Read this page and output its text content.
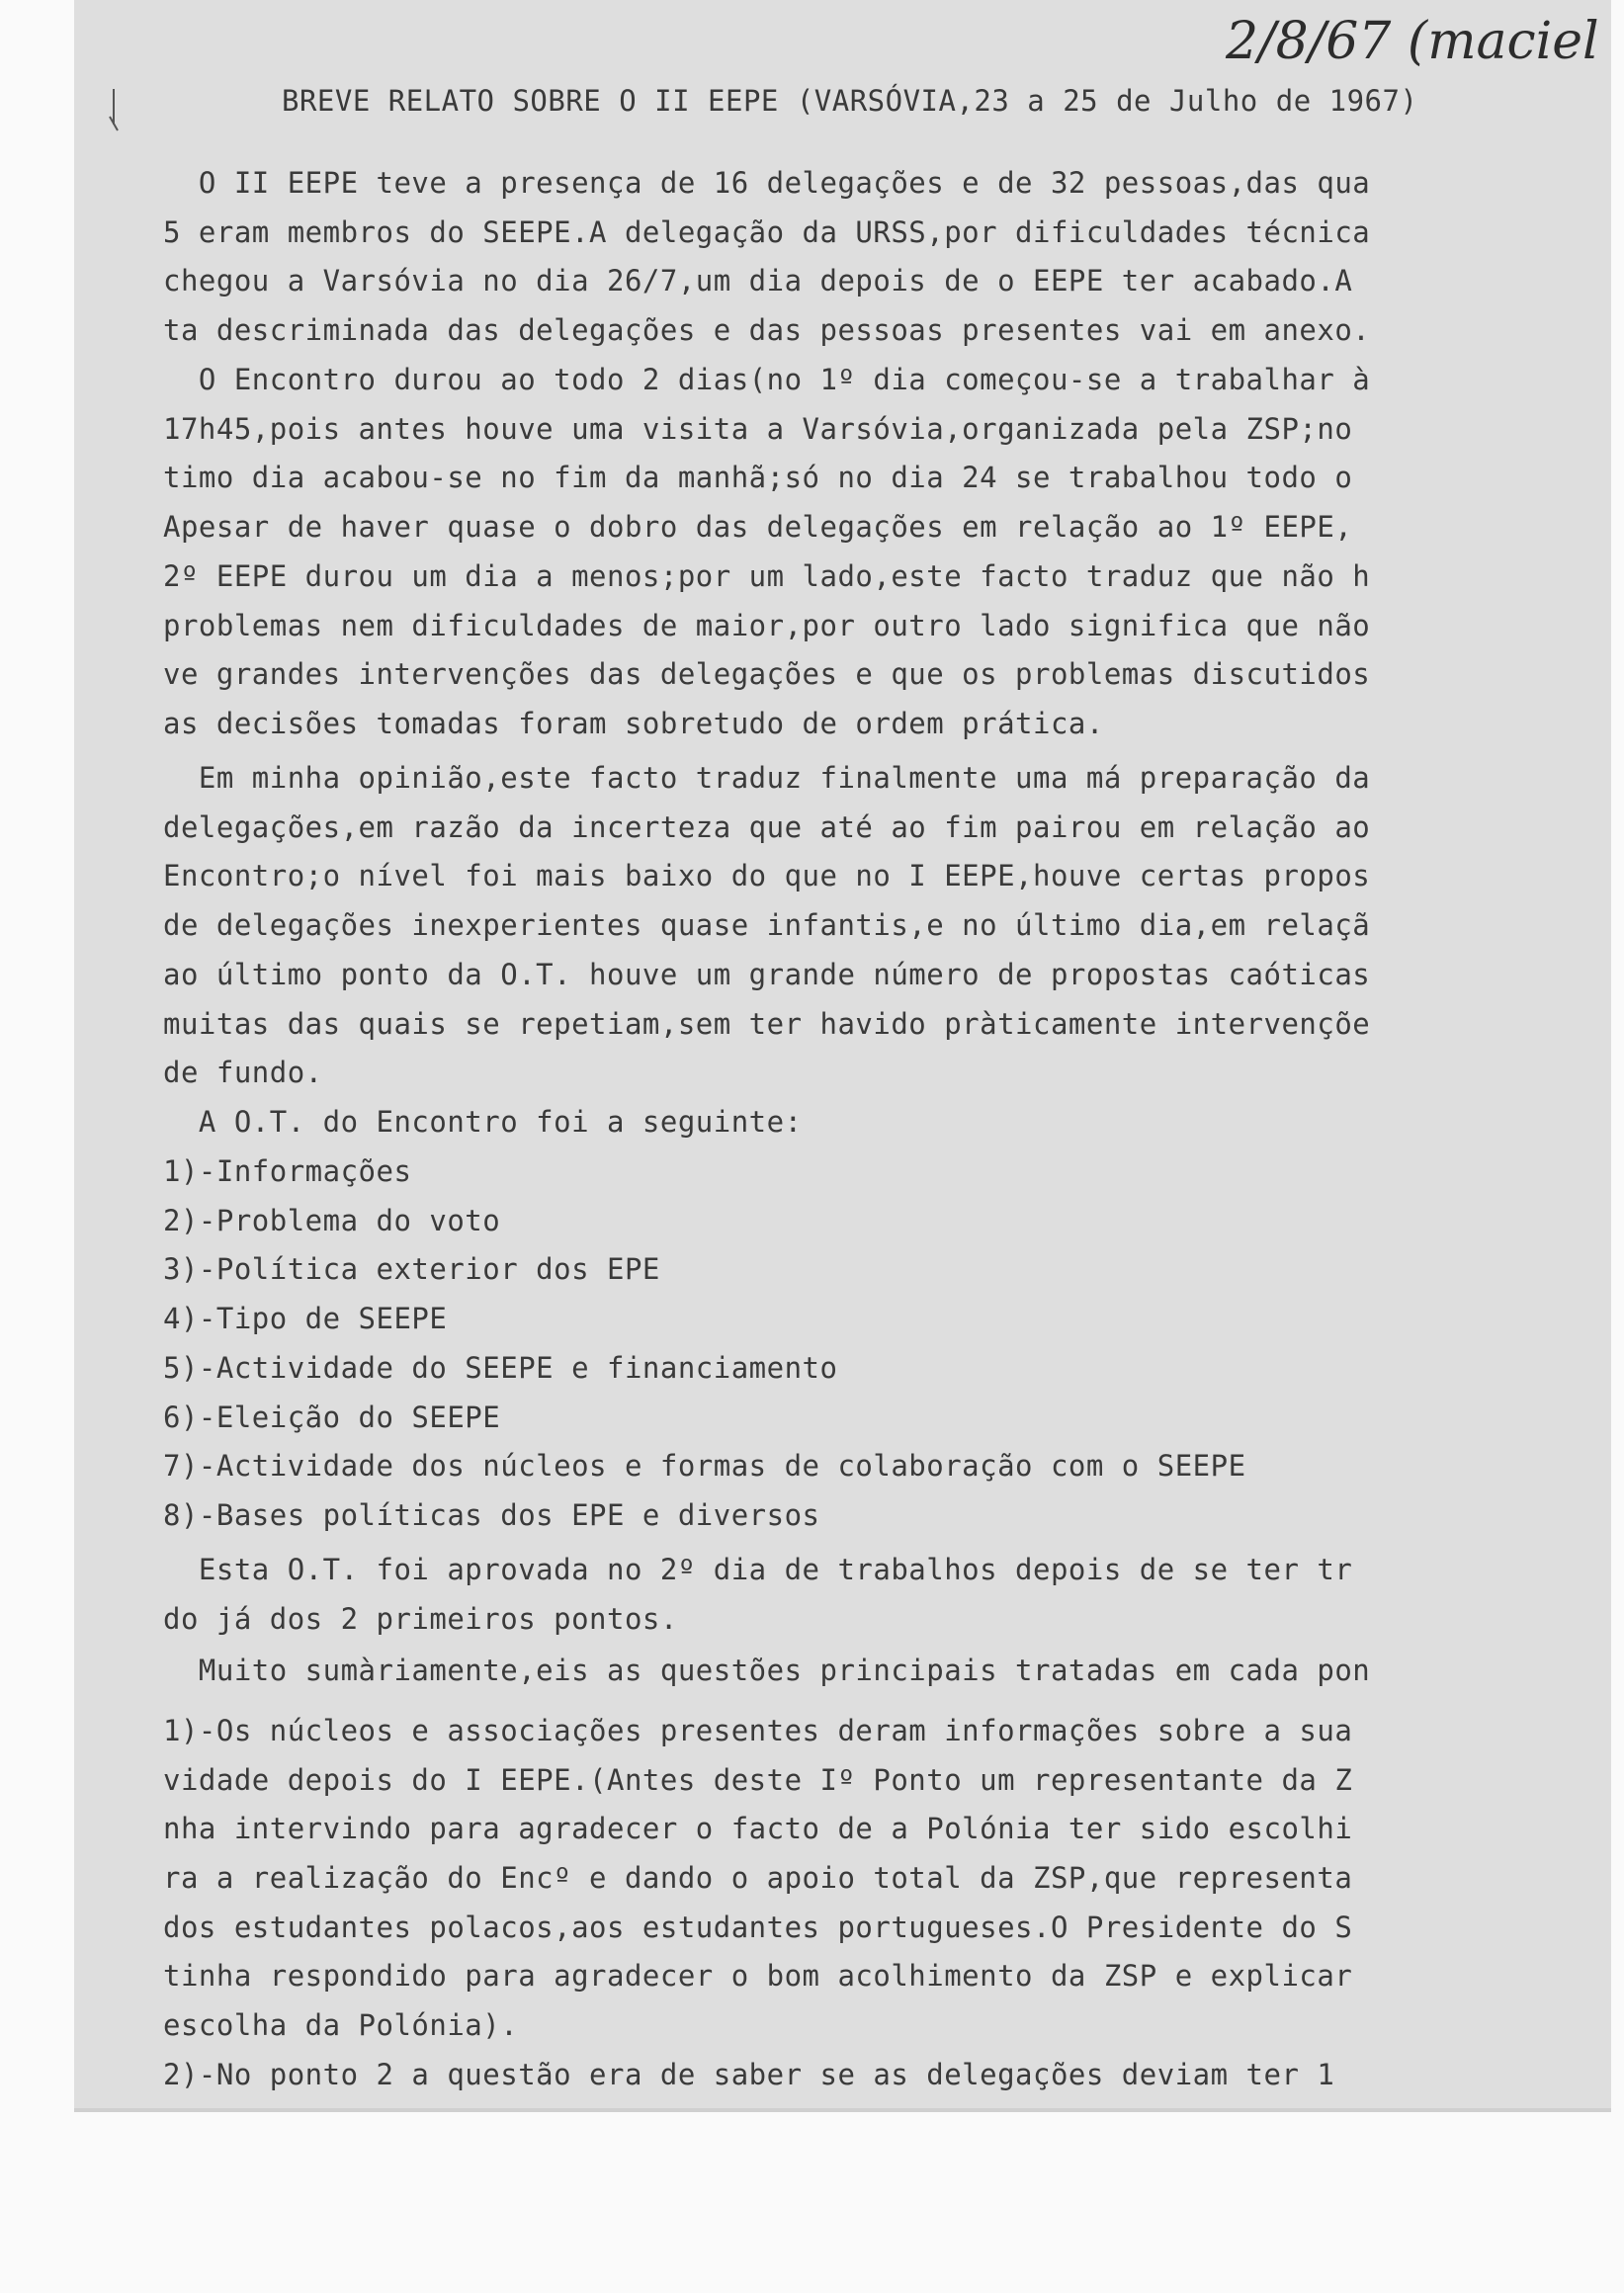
2/8/67 (maciel

BREVE RELATO SOBRE O II EEPE (VARSÓVIA,23 a 25 de Julho de 1967)

O II EEPE teve a presença de 16 delegações e de 32 pessoas,das qua

5 eram membros do SEEPE.A delegação da URSS,por dificuldades técnica

chegou a Varsóvia no dia 26/7,um dia depois de o EEPE ter acabado.A

ta descriminada das delegações e das pessoas presentes vai em anexo.

O Encontro durou ao todo 2 dias(no 1º dia começou-se a trabalhar à

17h45,pois antes houve uma visita a Varsóvia,organizada pela ZSP;no

timo dia acabou-se no fim da manhã;só no dia 24 se trabalhou todo o

Apesar de haver quase o dobro das delegações em relação ao 1º EEPE,

2º EEPE durou um dia a menos;por um lado,este facto traduz que não h

problemas nem dificuldades de maior,por outro lado significa que não

ve grandes intervenções das delegações e que os problemas discutidos

as decisões tomadas foram sobretudo de ordem prática.

Em minha opinião,este facto traduz finalmente uma má preparação da

delegações,em razão da incerteza que até ao fim pairou em relação ao

Encontro;o nível foi mais baixo do que no I EEPE,houve certas propos

de delegações inexperientes quase infantis,e no último dia,em relaçã

ao último ponto da O.T. houve um grande número de propostas caóticas

muitas das quais se repetiam,sem ter havido pràticamente intervençõe

de fundo.

A O.T. do Encontro foi a seguinte:

1)-Informações

2)-Problema do voto

3)-Política exterior dos EPE

4)-Tipo de SEEPE

5)-Actividade do SEEPE e financiamento

6)-Eleição do SEEPE

7)-Actividade dos núcleos e formas de colaboração com o SEEPE

8)-Bases políticas dos EPE e diversos

Esta O.T. foi aprovada no 2º dia de trabalhos depois de se ter tr

do já dos 2 primeiros pontos.

Muito sumàriamente,eis as questões principais tratadas em cada pon

1)-Os núcleos e associações presentes deram informações sobre a sua

vidade depois do I EEPE.(Antes deste Iº Ponto um representante da Z

nha intervindo para agradecer o facto de a Polónia ter sido escolhi

ra a realização do Encº e dando o apoio total da ZSP,que representa

dos estudantes polacos,aos estudantes portugueses.O Presidente do S

tinha respondido para agradecer o bom acolhimento da ZSP e explicar

escolha da Polónia).

2)-No ponto 2 a questão era de saber se as delegações deviam ter 1
